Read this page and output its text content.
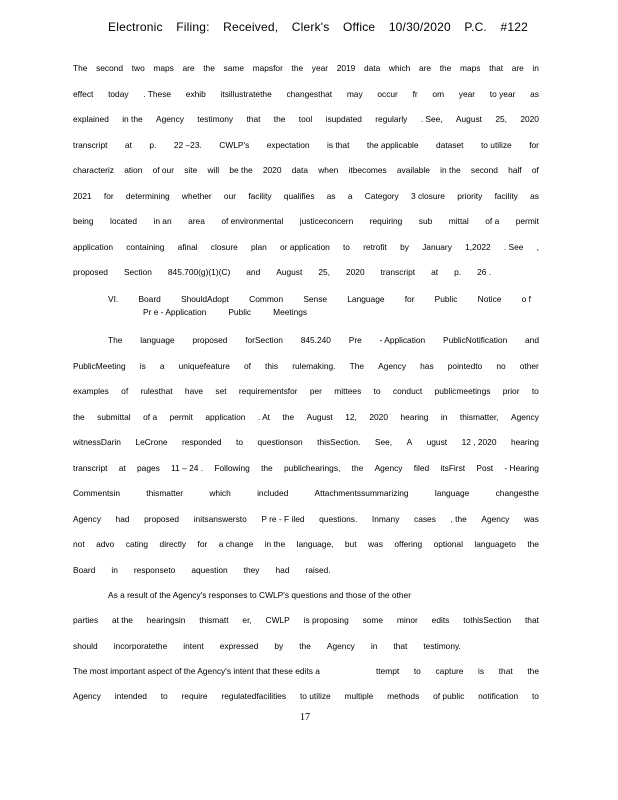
Electronic Filing: Received, Clerk's Office 10/30/2020 P.C. #122
The second two maps are the same mapsfor the year 2019 data which are the maps that are in
effect today . These exhib itsillustratethe changesthat may occur fr om year to year as
explained in the Agency testimony that the tool isupdated regularly . See, August 25, 2020
transcript at p. 22 –23. CWLP's expectation is that the applicable dataset to utilize for
characteriz ation of our site will be the 2020 data when itbecomes available in the second half of
2021 for determining whether our facility qualifies as a Category 3 closure priority facility as
being located in an area of environmental justiceconcern requiring sub mittal of a permit
application containing afinal closure plan or application to retrofit by January 1,2022 . See ,
proposed Section 845.700(g)(1)(C) and August 25, 2020 transcript at p. 26 .
VI. Board ShouldAdopt Common Sense Language for Public Notice o f
Pr e - Application	Public	Meetings
The language proposed forSection 845.240 Pre - Application PublicNotification and
PublicMeeting is a uniquefeature of this rulemaking. The Agency has pointedto no other
examples of rulesthat have set requirementsfor per mittees to conduct publicmeetings prior to
the submittal of a permit application . At the August 12, 2020 hearing in thismatter, Agency
witnessDarin LeCrone responded to questionson thisSection. See, A ugust 12 , 2020 hearing
transcript at pages 11 – 24 . Following the publichearings, the Agency filed itsFirst Post - Hearing
Commentsin	thismatter	which	included	Attachmentssummarizing	language	changesthe
Agency had proposed initsanswersto P re - F iled questions. Inmany cases , the Agency was
not advo cating directly for a change in the language, but was offering optional languageto the
Board in responseto aquestion they had raised.
As a result of the Agency's responses to CWLP's questions and those of the other
parties at the hearingsin thismatt er, CWLP is proposing some minor edits tothisSection that
should incorporatethe intent expressed by the Agency in that testimony.
The most important aspect of the Agency's intent that these edits a	ttempt to capture is that the
Agency intended to require regulatedfacilities to utilize multiple methods of public notification to
17
